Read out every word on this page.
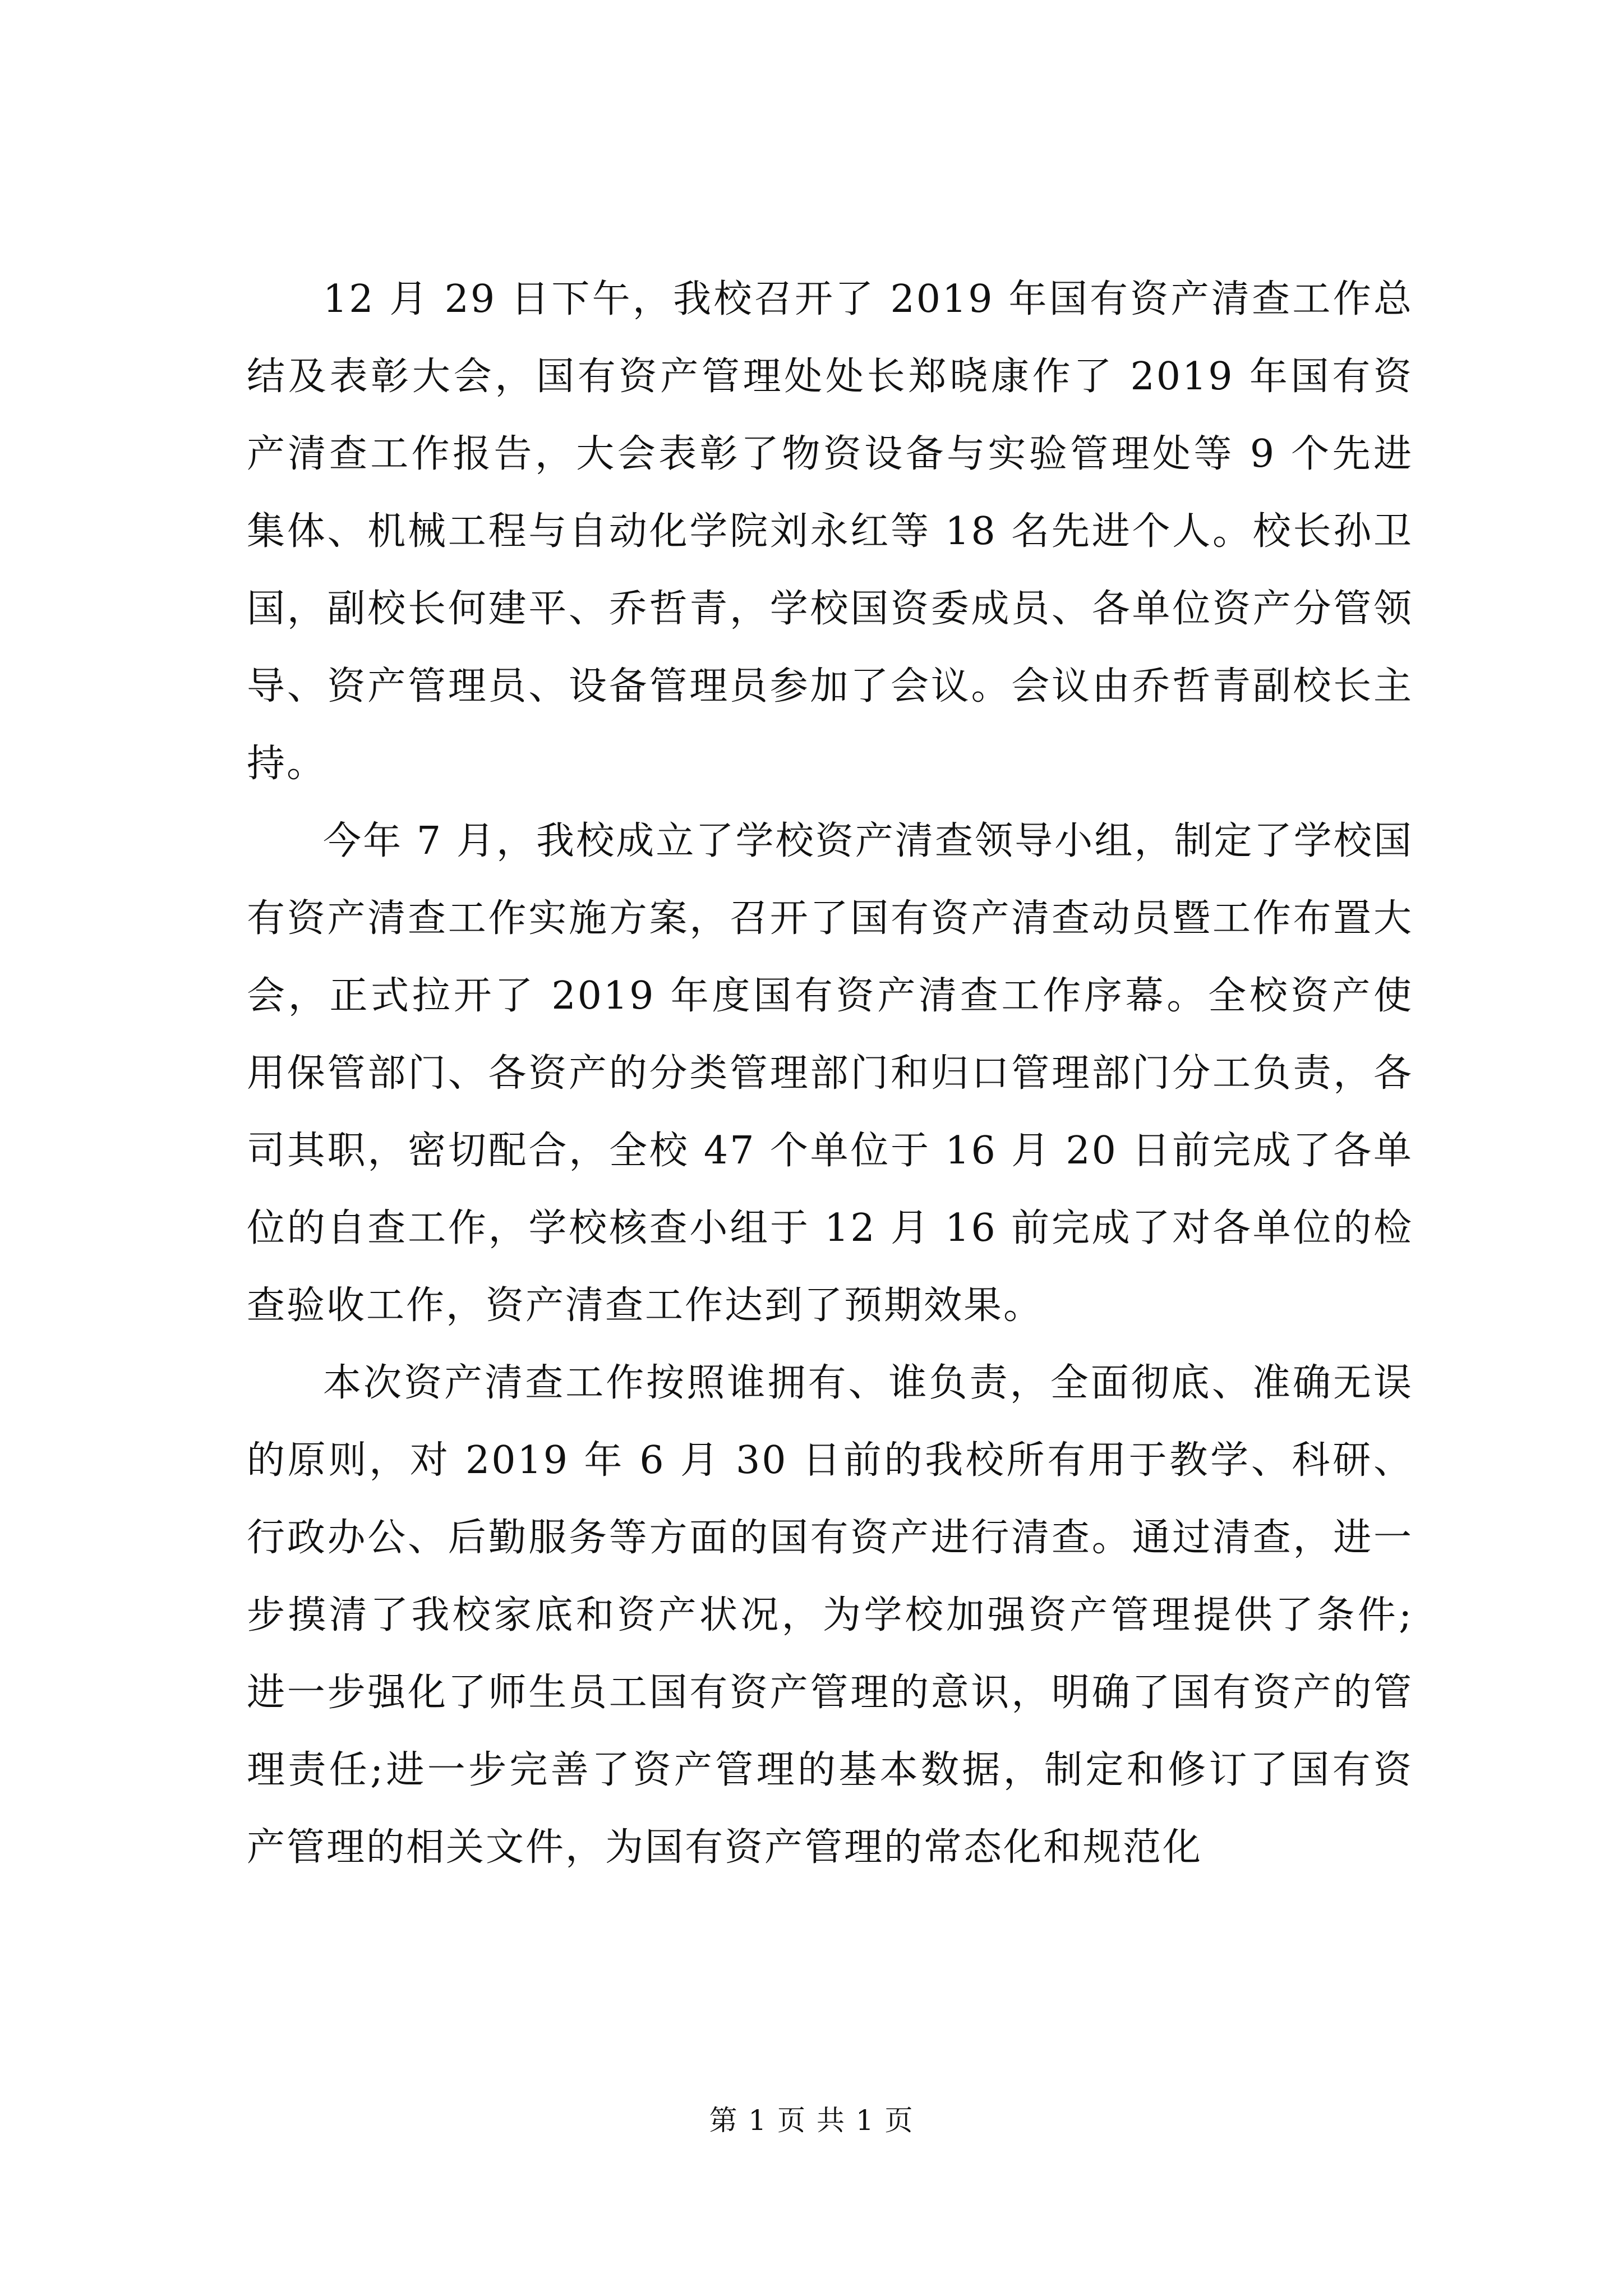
12 月 29 日下午，我校召开了 2019 年国有资产清查工作总结及表彰大会，国有资产管理处处长郑晓康作了 2019 年国有资产清查工作报告，大会表彰了物资设备与实验管理处等 9 个先进集体、机械工程与自动化学院刘永红等 18 名先进个人。校长孙卫国，副校长何建平、乔哲青，学校国资委成员、各单位资产分管领导、资产管理员、设备管理员参加了会议。会议由乔哲青副校长主持。

今年 7 月，我校成立了学校资产清查领导小组，制定了学校国有资产清查工作实施方案，召开了国有资产清查动员暨工作布置大会，正式拉开了 2019 年度国有资产清查工作序幕。全校资产使用保管部门、各资产的分类管理部门和归口管理部门分工负责，各司其职，密切配合，全校 47 个单位于 16 月 20 日前完成了各单位的自查工作，学校核查小组于 12 月 16 前完成了对各单位的检查验收工作，资产清查工作达到了预期效果。

本次资产清查工作按照谁拥有、谁负责，全面彻底、准确无误的原则，对 2019 年 6 月 30 日前的我校所有用于教学、科研、行政办公、后勤服务等方面的国有资产进行清查。通过清查，进一步摸清了我校家底和资产状况，为学校加强资产管理提供了条件;进一步强化了师生员工国有资产管理的意识，明确了国有资产的管理责任;进一步完善了资产管理的基本数据，制定和修订了国有资产管理的相关文件，为国有资产管理的常态化和规范化

第 1 页 共 1 页
